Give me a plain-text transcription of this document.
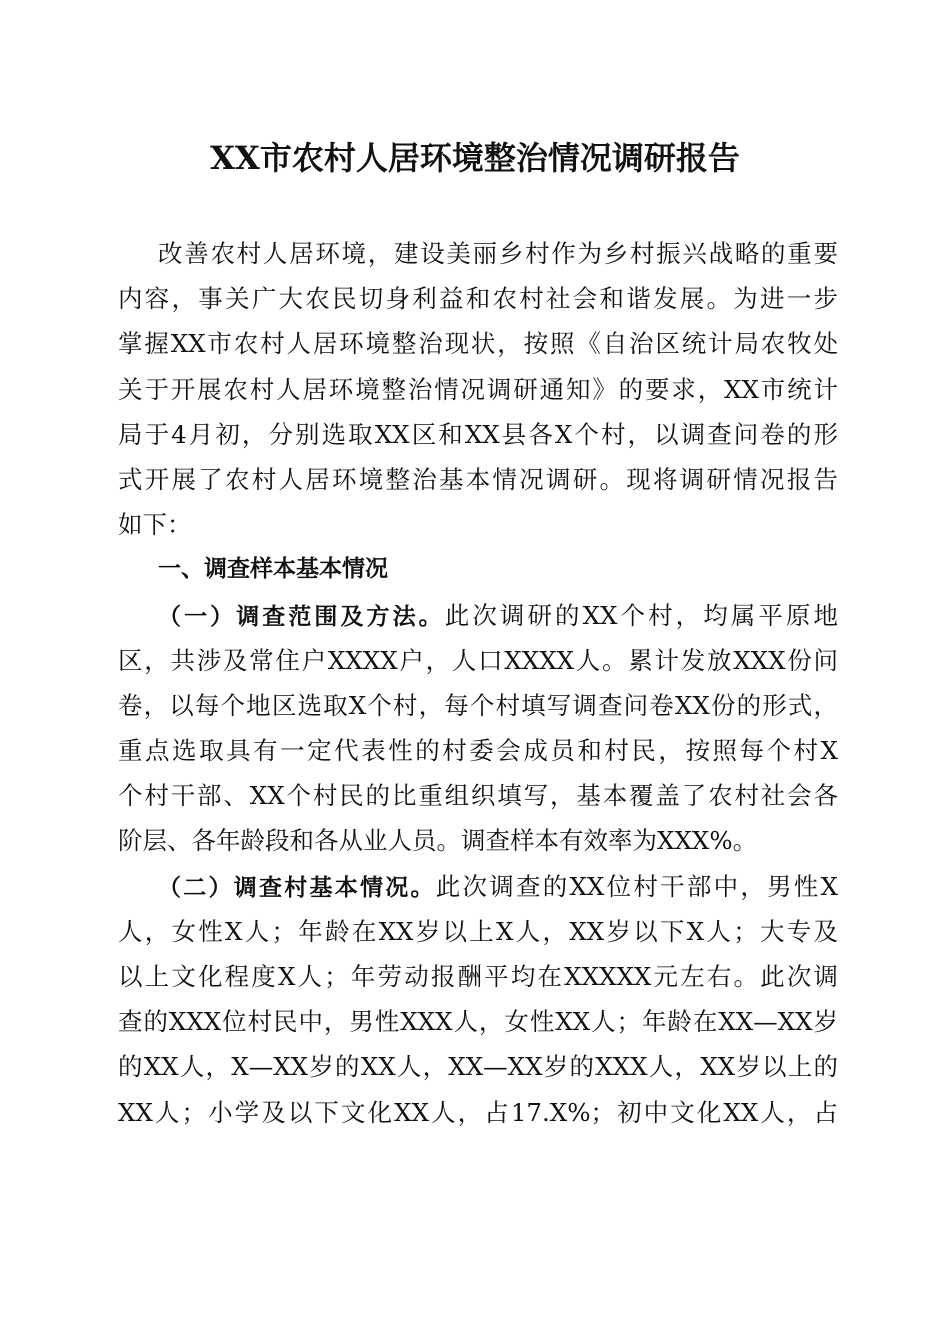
XX市农村人居环境整治情况调研报告
改善农村人居环境，建设美丽乡村作为乡村振兴战略的重要
内容，事关广大农民切身利益和农村社会和谐发展。为进一步
掌握XX市农村人居环境整治现状，按照《自治区统计局农牧处
关于开展农村人居环境整治情况调研通知》的要求，XX市统计
局于4月初，分别选取XX区和XX县各X个村，以调查问卷的形
式开展了农村人居环境整治基本情况调研。现将调研情况报告
如下：
一、调查样本基本情况
（一）调查范围及方法。此次调研的XX个村，均属平原地
区，共涉及常住户XXXX户，人口XXXX人。累计发放XXX份问
卷，以每个地区选取X个村，每个村填写调查问卷XX份的形式，
重点选取具有一定代表性的村委会成员和村民，按照每个村X
个村干部、XX个村民的比重组织填写，基本覆盖了农村社会各
阶层、各年龄段和各从业人员。调查样本有效率为XXX%。
（二）调查村基本情况。此次调查的XX位村干部中，男性X
人，女性X人；年龄在XX岁以上X人，XX岁以下X人；大专及
以上文化程度X人；年劳动报酬平均在XXXXX元左右。此次调
查的XXX位村民中，男性XXX人，女性XX人；年龄在XX—XX岁
的XX人，X—XX岁的XX人，XX—XX岁的XXX人，XX岁以上的
XX人；小学及以下文化XX人，占17.X%；初中文化XX人，占
